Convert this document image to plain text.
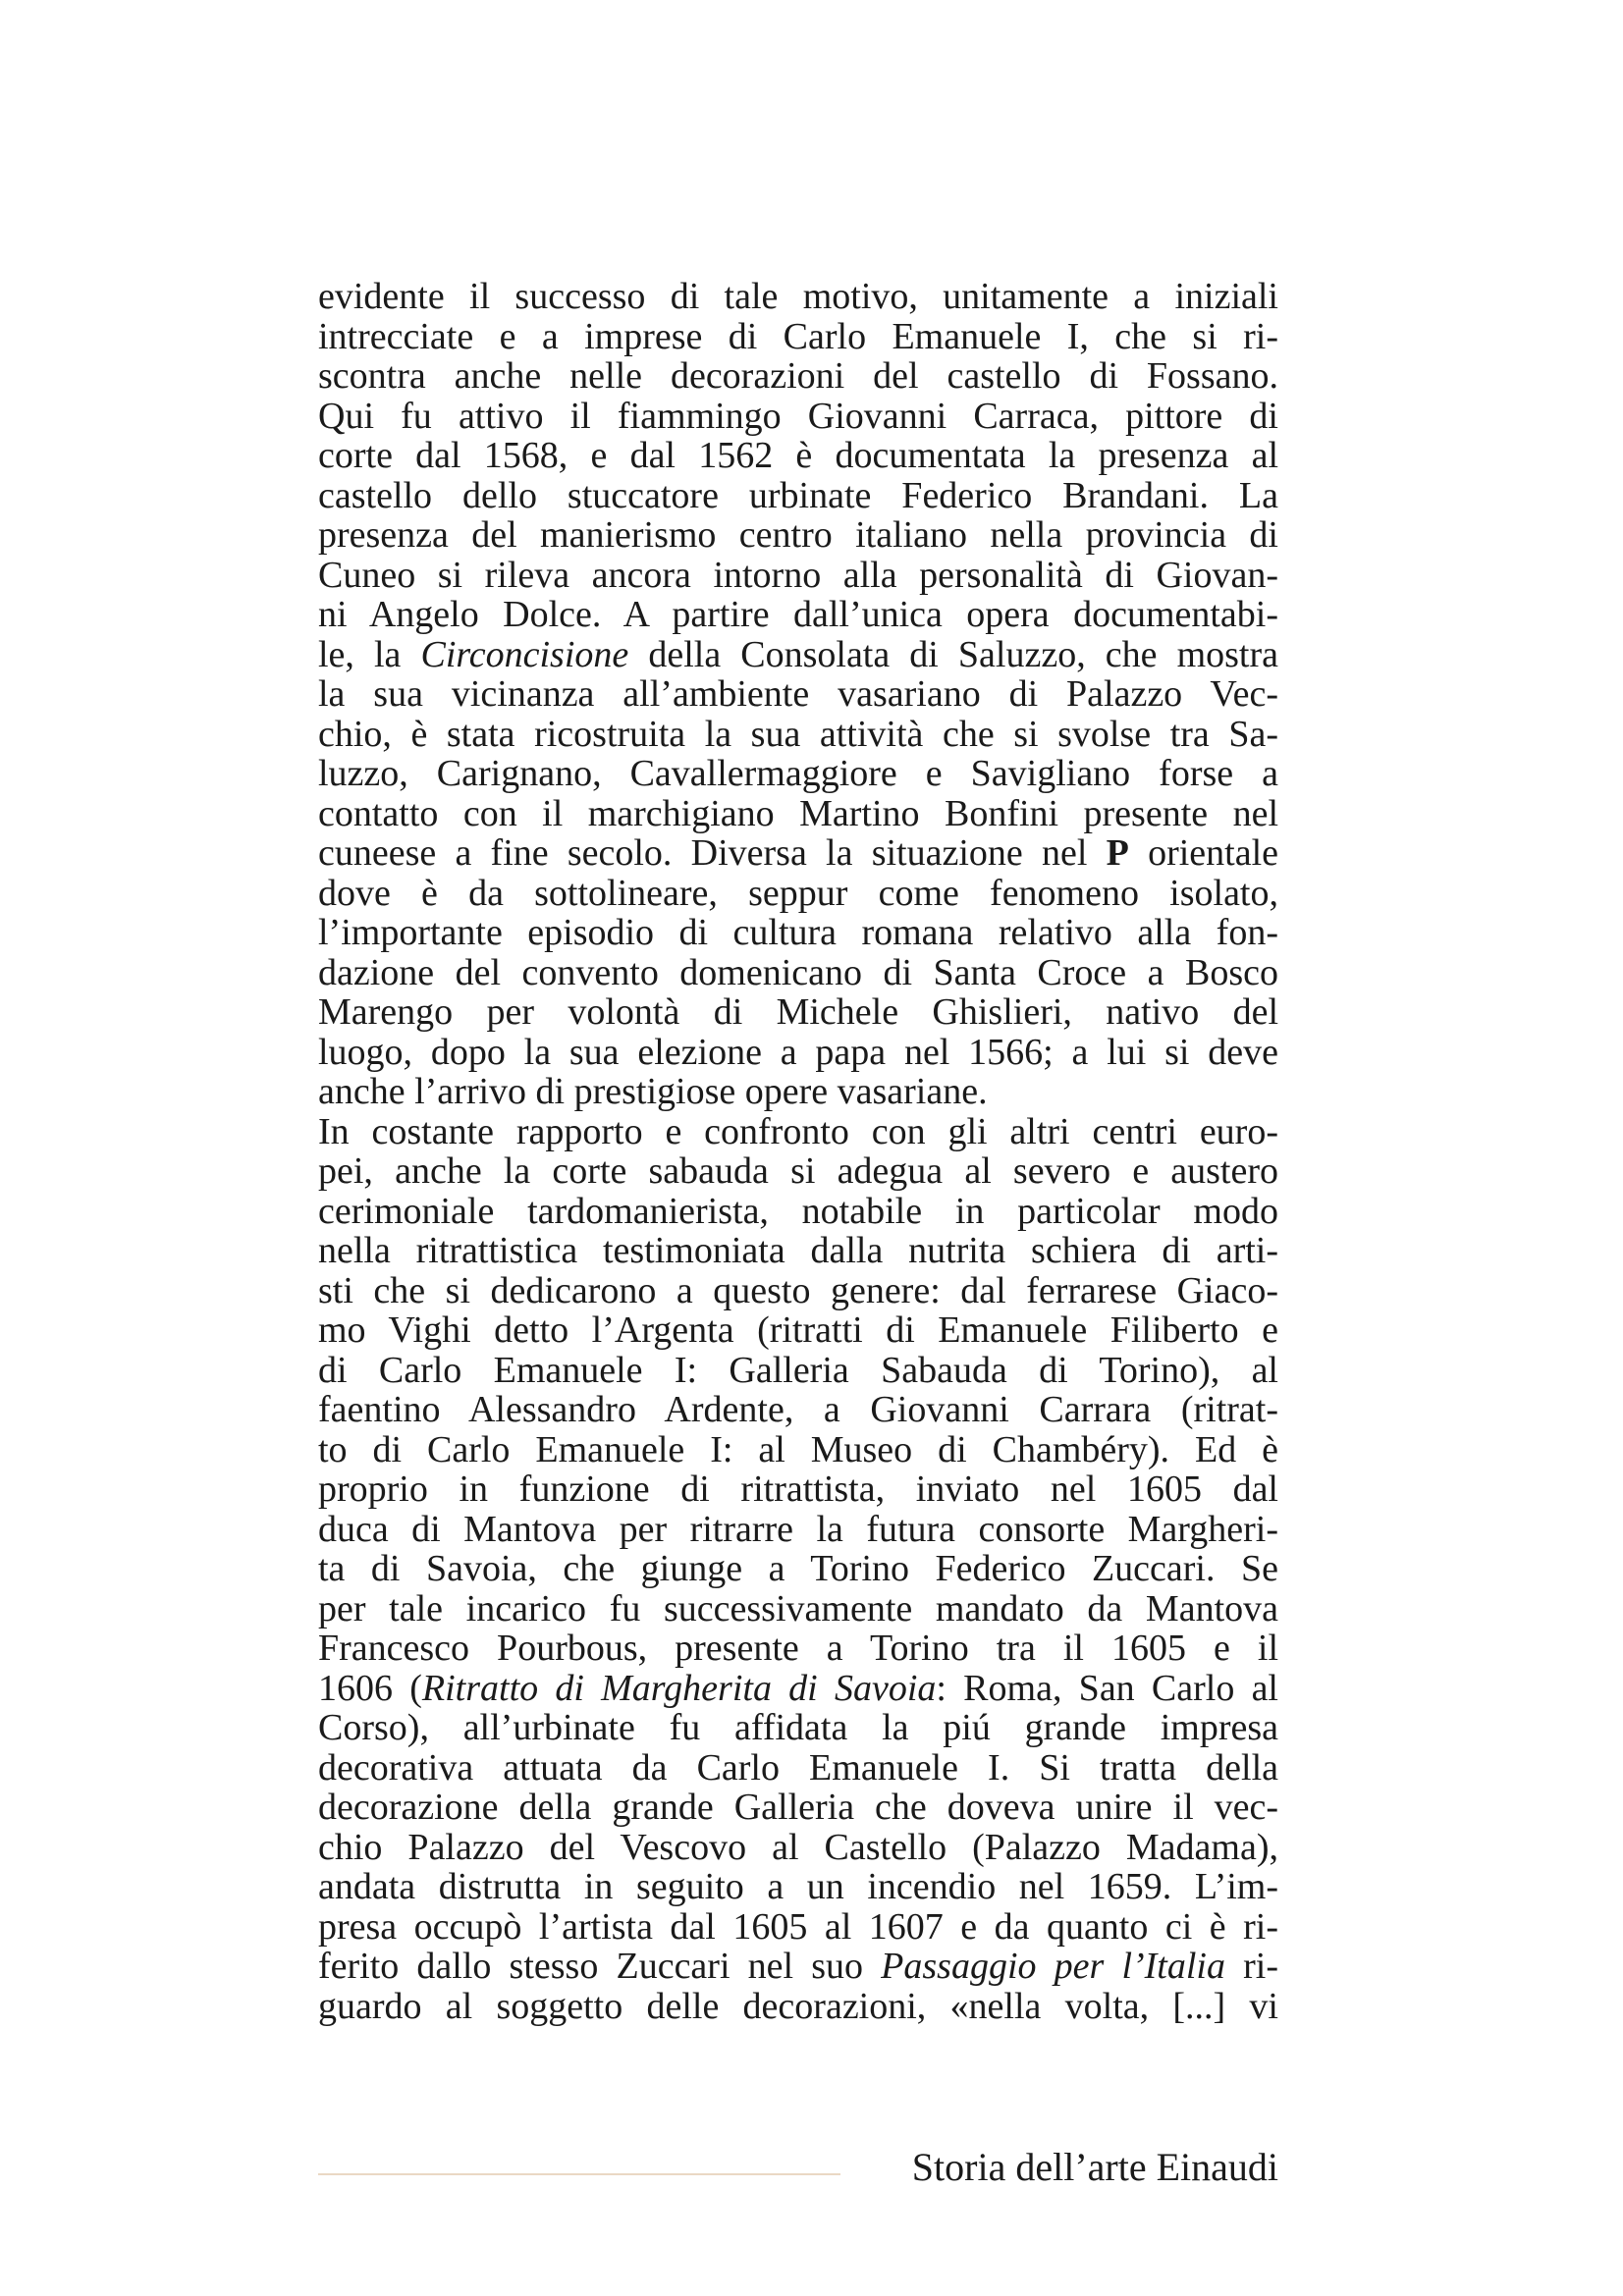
evidente il successo di tale motivo, unitamente a iniziali
intrecciate e a imprese di Carlo Emanuele I, che si ri-
scontra anche nelle decorazioni del castello di Fossano.
Qui fu attivo il fiammingo Giovanni Carraca, pittore di
corte dal 1568, e dal 1562 è documentata la presenza al
castello dello stuccatore urbinate Federico Brandani. La
presenza del manierismo centro italiano nella provincia di
Cuneo si rileva ancora intorno alla personalità di Giovan-
ni Angelo Dolce. A partire dall’unica opera documentabi-
le, la Circoncisione della Consolata di Saluzzo, che mostra
la sua vicinanza all’ambiente vasariano di Palazzo Vec-
chio, è stata ricostruita la sua attività che si svolse tra Sa-
luzzo, Carignano, Cavallermaggiore e Savigliano forse a
contatto con il marchigiano Martino Bonfini presente nel
cuneese a fine secolo. Diversa la situazione nel P orientale
dove è da sottolineare, seppur come fenomeno isolato,
l’importante episodio di cultura romana relativo alla fon-
dazione del convento domenicano di Santa Croce a Bosco
Marengo per volontà di Michele Ghislieri, nativo del
luogo, dopo la sua elezione a papa nel 1566; a lui si deve
anche l’arrivo di prestigiose opere vasariane.
In costante rapporto e confronto con gli altri centri euro-
pei, anche la corte sabauda si adegua al severo e austero
cerimoniale tardomanierista, notabile in particolar modo
nella ritrattistica testimoniata dalla nutrita schiera di arti-
sti che si dedicarono a questo genere: dal ferrarese Giaco-
mo Vighi detto l’Argenta (ritratti di Emanuele Filiberto e
di Carlo Emanuele I: Galleria Sabauda di Torino), al
faentino Alessandro Ardente, a Giovanni Carrara (ritrat-
to di Carlo Emanuele I: al Museo di Chambéry). Ed è
proprio in funzione di ritrattista, inviato nel 1605 dal
duca di Mantova per ritrarre la futura consorte Margheri-
ta di Savoia, che giunge a Torino Federico Zuccari. Se
per tale incarico fu successivamente mandato da Mantova
Francesco Pourbous, presente a Torino tra il 1605 e il
1606 (Ritratto di Margherita di Savoia: Roma, San Carlo al
Corso), all’urbinate fu affidata la piú grande impresa
decorativa attuata da Carlo Emanuele I. Si tratta della
decorazione della grande Galleria che doveva unire il vec-
chio Palazzo del Vescovo al Castello (Palazzo Madama),
andata distrutta in seguito a un incendio nel 1659. L’im-
presa occupò l’artista dal 1605 al 1607 e da quanto ci è ri-
ferito dallo stesso Zuccari nel suo Passaggio per l’Italia ri-
guardo al soggetto delle decorazioni, «nella volta, [...] vi
Storia dell’arte Einaudi
